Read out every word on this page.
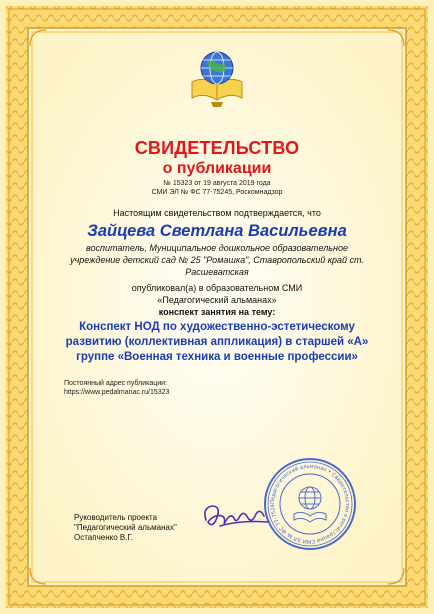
СВИДЕТЕЛЬСТВО
о публикации
№ 15323 от 19 августа 2019 года
СМИ ЭЛ № ФС 77-75245, Роскомнадзор
Настоящим свидетельством подтверждается, что
Зайцева Светлана Васильевна
воспитатель, Муниципальное дошкольное образовательное учреждение детский сад № 25 "Ромашка", Ставропольский край ст. Расшеватская
опубликовал(а) в образовательном СМИ
«Педагогический альманах»
конспект занятия на тему:
Конспект НОД по художественно-эстетическому развитию (коллективная аппликация) в старшей «А» группе «Военная техника и военные профессии»
Постоянный адрес публикации:
https://www.pedalmanac.ru/15323
Руководитель проекта
"Педагогический альманах"
Остапченко В.Г.
Педагогический альманах • Свидетельство о регистрации СМИ ЭЛ № ФС 77-7524
